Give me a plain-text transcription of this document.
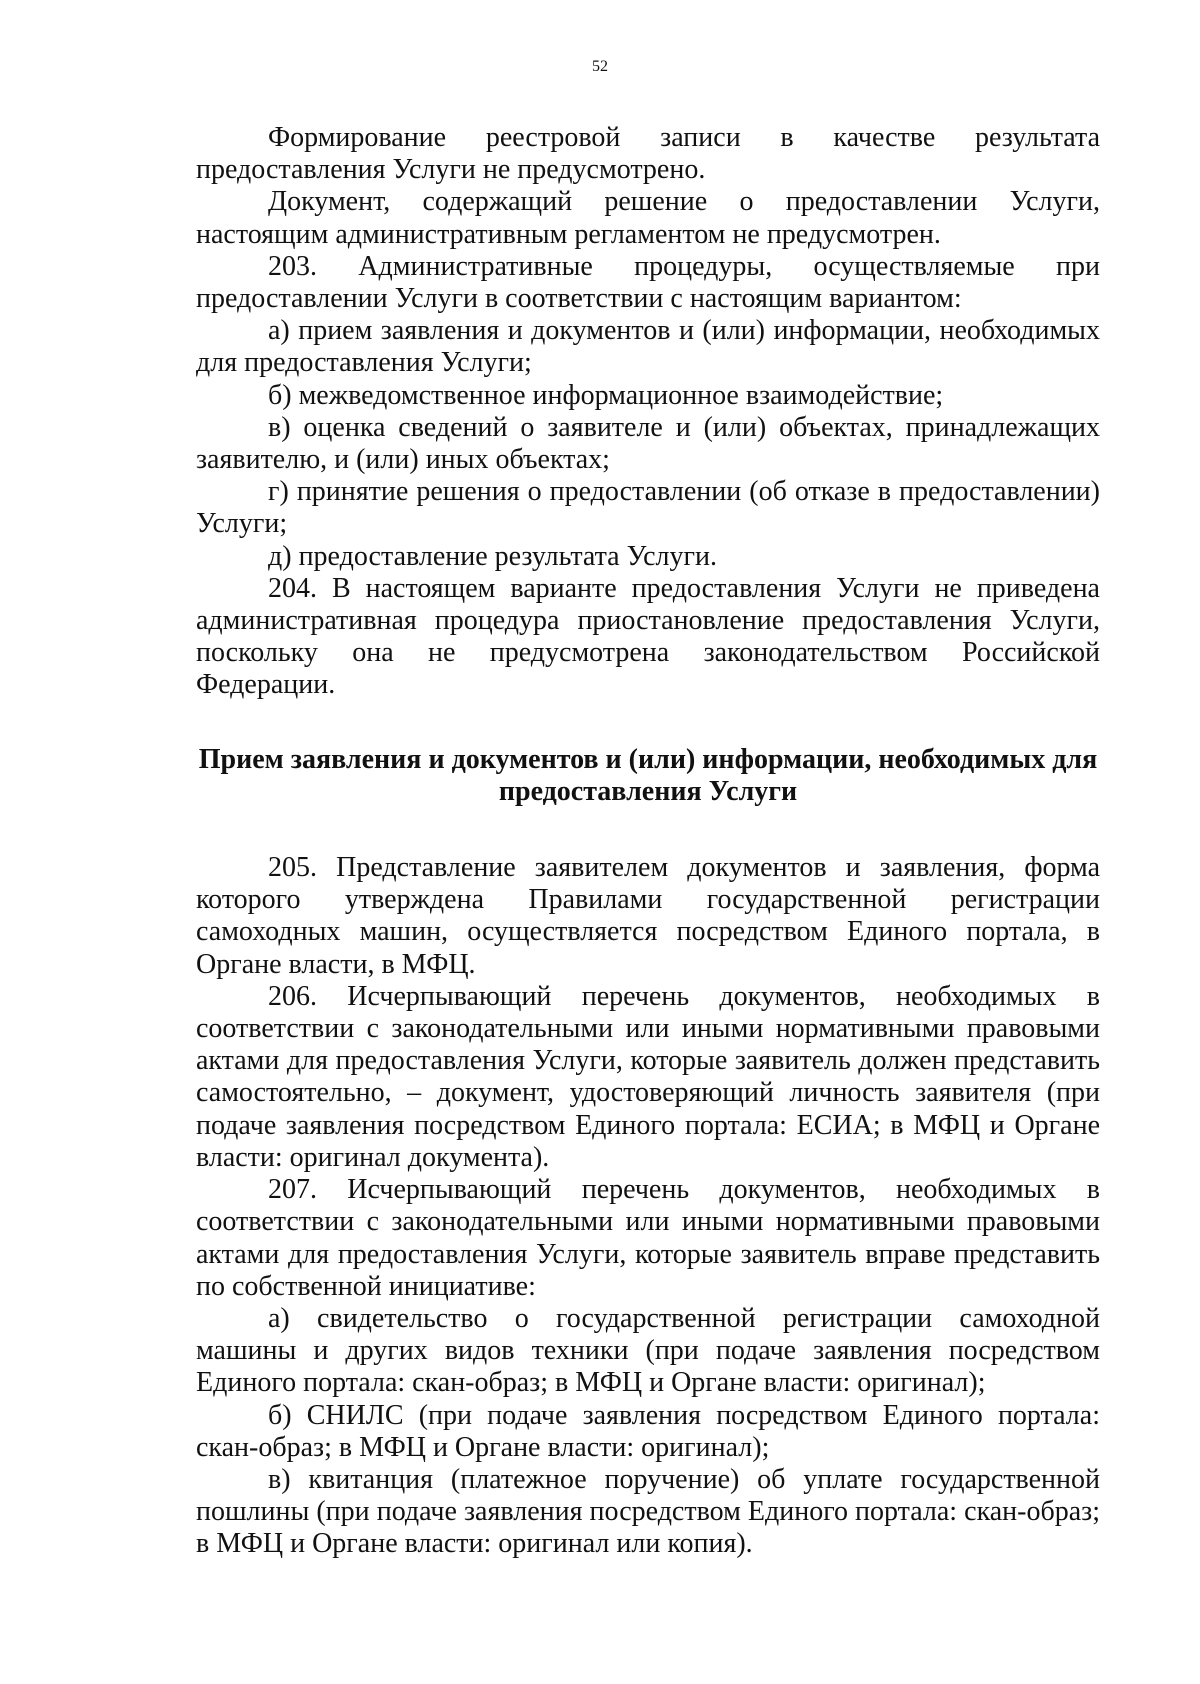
52

Формирование реестровой записи в качестве результата предоставления Услуги не предусмотрено.

Документ, содержащий решение о предоставлении Услуги, настоящим административным регламентом не предусмотрен.

203. Административные процедуры, осуществляемые при предоставлении Услуги в соответствии с настоящим вариантом:

а) прием заявления и документов и (или) информации, необходимых для предоставления Услуги;

б) межведомственное информационное взаимодействие;

в) оценка сведений о заявителе и (или) объектах, принадлежащих заявителю, и (или) иных объектах;

г) принятие решения о предоставлении (об отказе в предоставлении) Услуги;

д) предоставление результата Услуги.

204. В настоящем варианте предоставления Услуги не приведена административная процедура приостановление предоставления Услуги, поскольку она не предусмотрена законодательством Российской Федерации.

Прием заявления и документов и (или) информации, необходимых для
предоставления Услуги

205. Представление заявителем документов и заявления, форма которого утверждена Правилами государственной регистрации самоходных машин, осуществляется посредством Единого портала, в Органе власти, в МФЦ.

206. Исчерпывающий перечень документов, необходимых в соответствии с законодательными или иными нормативными правовыми актами для предоставления Услуги, которые заявитель должен представить самостоятельно, – документ, удостоверяющий личность заявителя (при подаче заявления посредством Единого портала: ЕСИА; в МФЦ и Органе власти: оригинал документа).

207. Исчерпывающий перечень документов, необходимых в соответствии с законодательными или иными нормативными правовыми актами для предоставления Услуги, которые заявитель вправе представить по собственной инициативе:

а) свидетельство о государственной регистрации самоходной машины и других видов техники (при подаче заявления посредством Единого портала: скан-образ; в МФЦ и Органе власти: оригинал);

б) СНИЛС (при подаче заявления посредством Единого портала: скан-образ; в МФЦ и Органе власти: оригинал);

в) квитанция (платежное поручение) об уплате государственной пошлины (при подаче заявления посредством Единого портала: скан-образ; в МФЦ и Органе власти: оригинал или копия).
